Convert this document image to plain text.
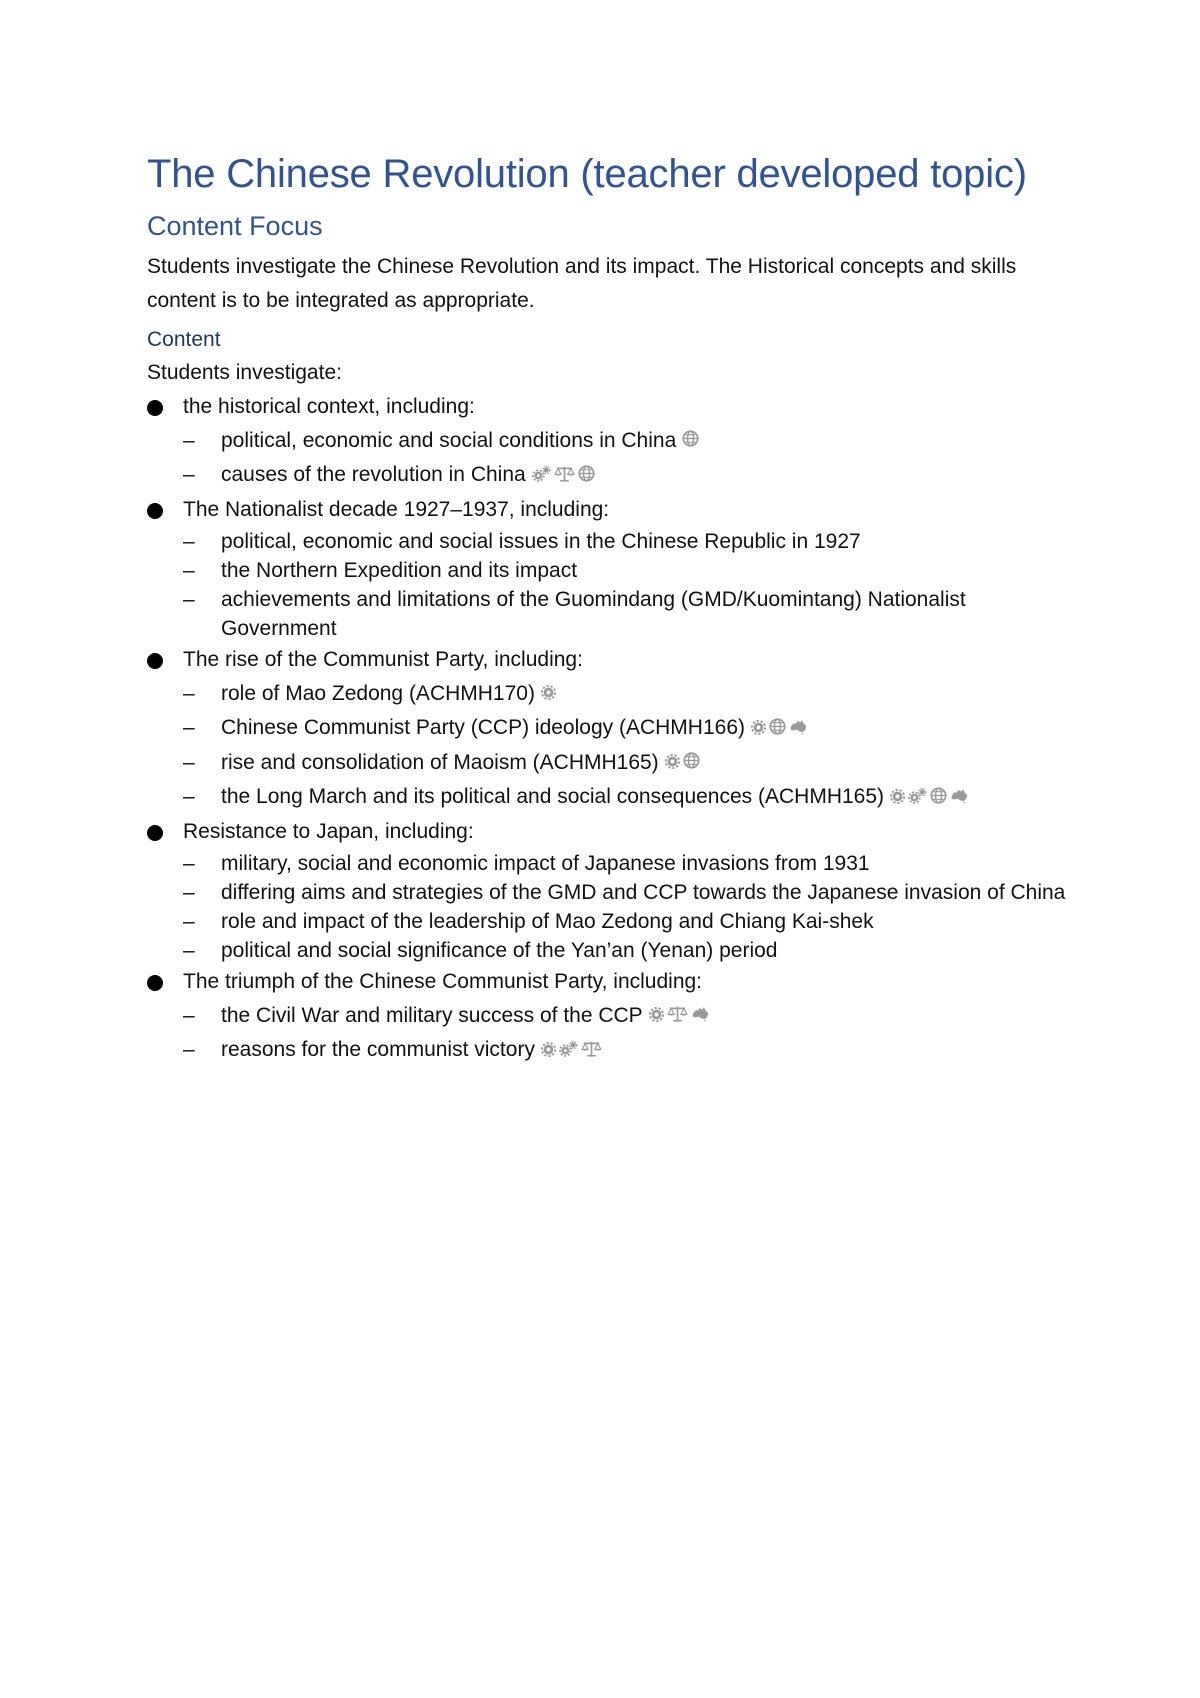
The Chinese Revolution (teacher developed topic)
Content Focus

Students investigate the Chinese Revolution and its impact. The Historical concepts and skills content is to be integrated as appropriate.

Content

Students investigate:

the historical context, including:
– political, economic and social conditions in China
– causes of the revolution in China
The Nationalist decade 1927–1937, including:
– political, economic and social issues in the Chinese Republic in 1927
– the Northern Expedition and its impact
– achievements and limitations of the Guomindang (GMD/Kuomintang) Nationalist Government
The rise of the Communist Party, including:
– role of Mao Zedong (ACHMH170)
– Chinese Communist Party (CCP) ideology (ACHMH166)
– rise and consolidation of Maoism (ACHMH165)
– the Long March and its political and social consequences (ACHMH165)
Resistance to Japan, including:
– military, social and economic impact of Japanese invasions from 1931
– differing aims and strategies of the GMD and CCP towards the Japanese invasion of China
– role and impact of the leadership of Mao Zedong and Chiang Kai-shek
– political and social significance of the Yan’an (Yenan) period
The triumph of the Chinese Communist Party, including:
– the Civil War and military success of the CCP
– reasons for the communist victory
